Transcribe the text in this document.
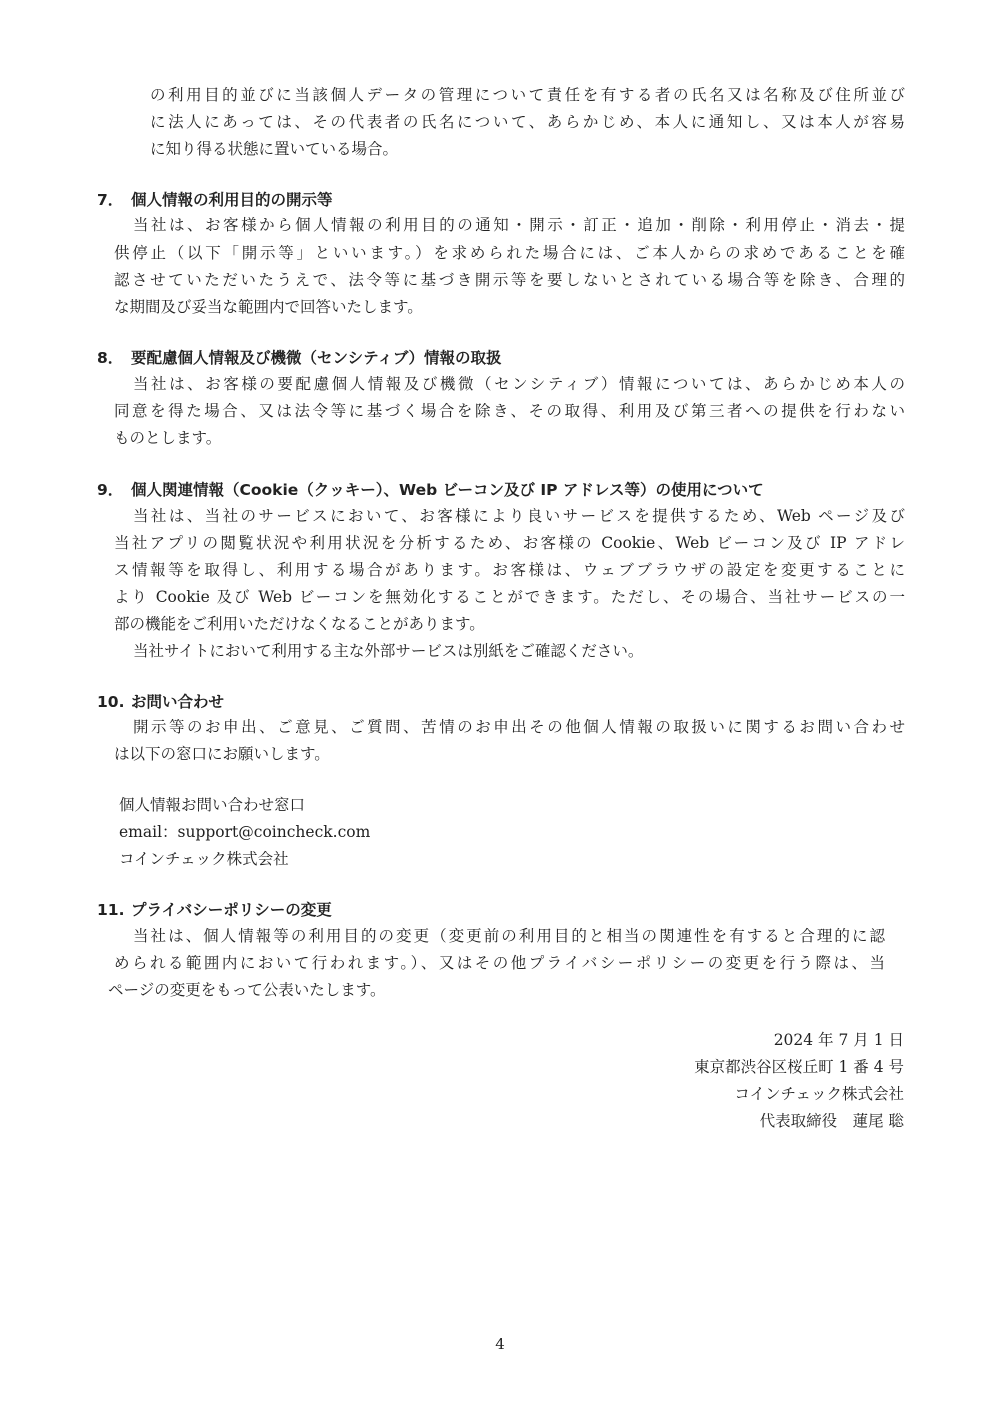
の利用目的並びに当該個人データの管理について責任を有する者の氏名又は名称及び住所並び
に法人にあっては、その代表者の氏名について、あらかじめ、本人に通知し、又は本人が容易
に知り得る状態に置いている場合。
7． 個人情報の利用目的の開示等
当社は、お客様から個人情報の利用目的の通知・開示・訂正・追加・削除・利用停止・消去・提
供停止（以下「開示等」といいます。）を求められた場合には、ご本人からの求めであることを確
認させていただいたうえで、法令等に基づき開示等を要しないとされている場合等を除き、合理的
な期間及び妥当な範囲内で回答いたします。
8． 要配慮個人情報及び機微（センシティブ）情報の取扱
当社は、お客様の要配慮個人情報及び機微（センシティブ）情報については、あらかじめ本人の
同意を得た場合、又は法令等に基づく場合を除き、その取得、利用及び第三者への提供を行わない
ものとします。
9． 個人関連情報（Cookie（クッキー）、Web ビーコン及び IP アドレス等）の使用について
当社は、当社のサービスにおいて、お客様により良いサービスを提供するため、Web ページ及び
当社アプリの閲覧状況や利用状況を分析するため、お客様の Cookie、Web ビーコン及び IP アドレ
ス情報等を取得し、利用する場合があります。お客様は、ウェブブラウザの設定を変更することに
より Cookie 及び Web ビーコンを無効化することができます。ただし、その場合、当社サービスの一
部の機能をご利用いただけなくなることがあります。
当社サイトにおいて利用する主な外部サービスは別紙をご確認ください。
10. お問い合わせ
開示等のお申出、ご意見、ご質問、苦情のお申出その他個人情報の取扱いに関するお問い合わせ
は以下の窓口にお願いします。
個人情報お問い合わせ窓口
email：support@coincheck.com
コインチェック株式会社
11. プライバシーポリシーの変更
当社は、個人情報等の利用目的の変更（変更前の利用目的と相当の関連性を有すると合理的に認
められる範囲内において行われます。）、又はその他プライバシーポリシーの変更を行う際は、当
ページの変更をもって公表いたします。
2024 年 7 月 1 日
東京都渋谷区桜丘町 1 番 4 号
コインチェック株式会社
代表取締役　蓮尾 聡
4
